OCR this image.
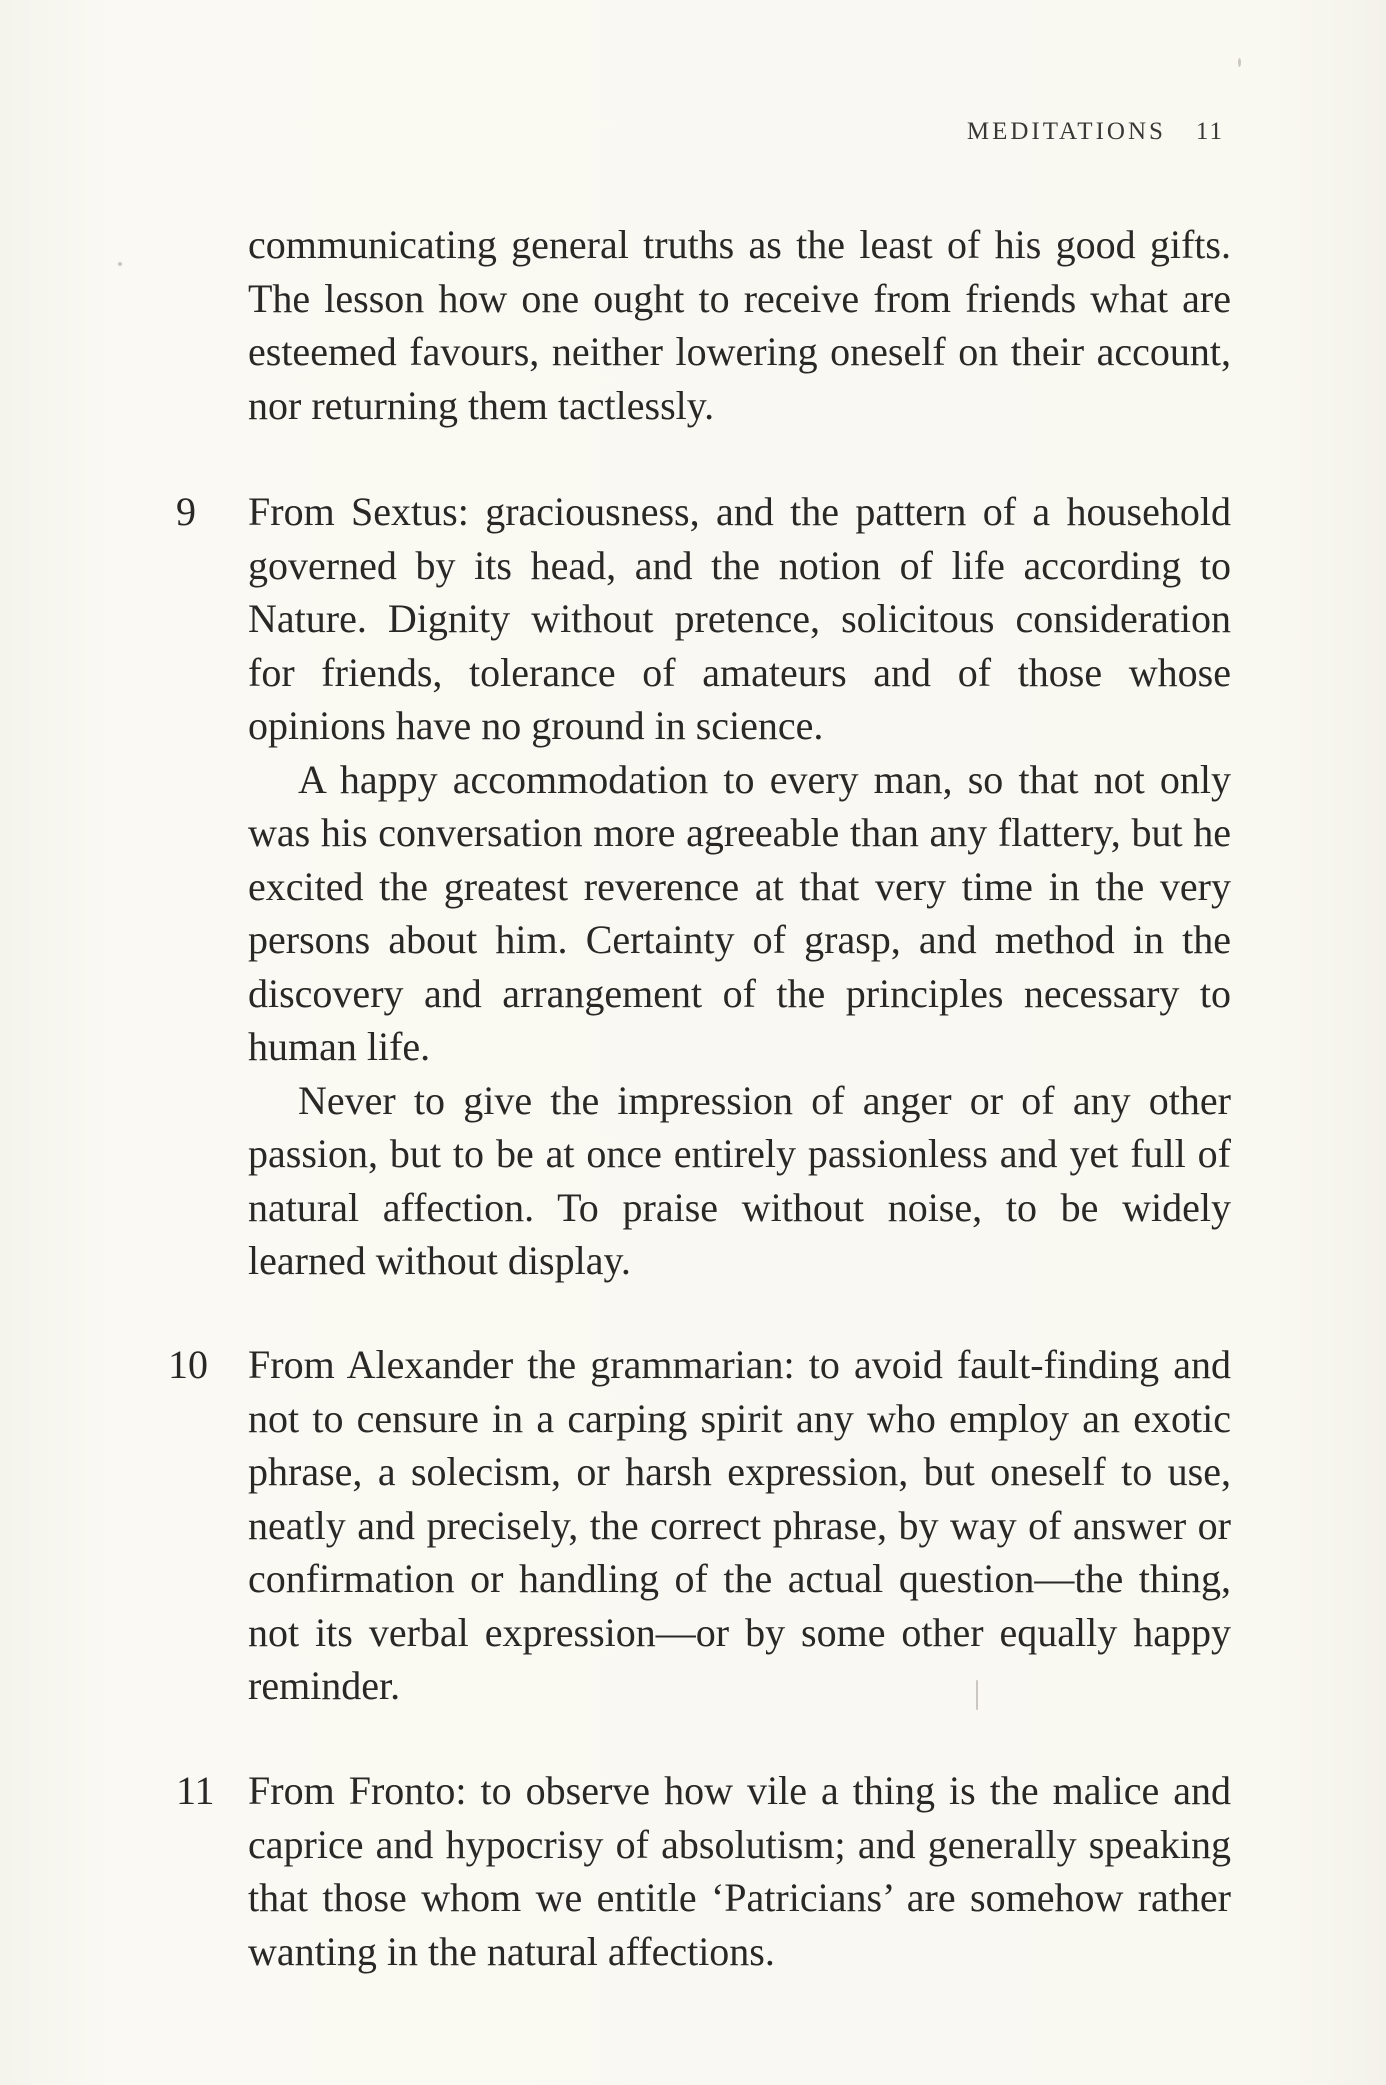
MEDITATIONS 11

communicating general truths as the least of his good gifts. The lesson how one ought to receive from friends what are esteemed favours, neither lowering oneself on their account, nor returning them tactlessly.

9 From Sextus: graciousness, and the pattern of a household governed by its head, and the notion of life according to Nature. Dignity without pretence, solicitous consideration for friends, tolerance of amateurs and of those whose opinions have no ground in science.

A happy accommodation to every man, so that not only was his conversation more agreeable than any flattery, but he excited the greatest reverence at that very time in the very persons about him. Certainty of grasp, and method in the discovery and arrangement of the principles necessary to human life.

Never to give the impression of anger or of any other passion, but to be at once entirely passionless and yet full of natural affection. To praise without noise, to be widely learned without display.

10 From Alexander the grammarian: to avoid fault-finding and not to censure in a carping spirit any who employ an exotic phrase, a solecism, or harsh expression, but oneself to use, neatly and precisely, the correct phrase, by way of answer or confirmation or handling of the actual question—the thing, not its verbal expression—or by some other equally happy reminder.

11 From Fronto: to observe how vile a thing is the malice and caprice and hypocrisy of absolutism; and generally speaking that those whom we entitle ‘Patricians’ are somehow rather wanting in the natural affections.
